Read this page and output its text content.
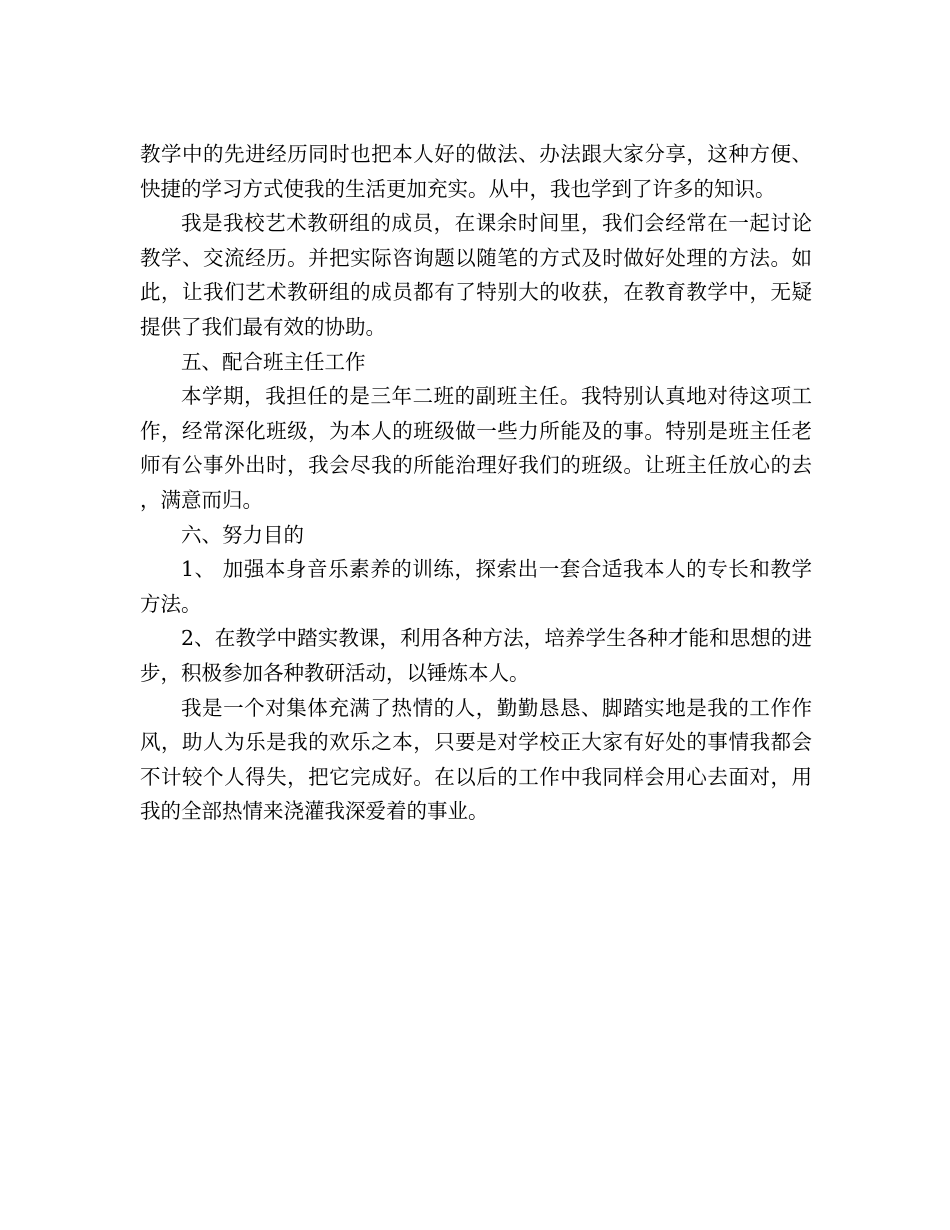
教学中的先进经历同时也把本人好的做法、办法跟大家分享，这种方便、快捷的学习方式使我的生活更加充实。从中，我也学到了许多的知识。

我是我校艺术教研组的成员，在课余时间里，我们会经常在一起讨论教学、交流经历。并把实际咨询题以随笔的方式及时做好处理的方法。如此，让我们艺术教研组的成员都有了特别大的收获，在教育教学中，无疑提供了我们最有效的协助。

五、配合班主任工作

本学期，我担任的是三年二班的副班主任。我特别认真地对待这项工作，经常深化班级，为本人的班级做一些力所能及的事。特别是班主任老师有公事外出时，我会尽我的所能治理好我们的班级。让班主任放心的去，满意而归。

六、努力目的

1、 加强本身音乐素养的训练，探索出一套合适我本人的专长和教学方法。

2、在教学中踏实教课，利用各种方法，培养学生各种才能和思想的进步，积极参加各种教研活动，以锤炼本人。

我是一个对集体充满了热情的人，勤勤恳恳、脚踏实地是我的工作作风，助人为乐是我的欢乐之本，只要是对学校正大家有好处的事情我都会不计较个人得失，把它完成好。在以后的工作中我同样会用心去面对，用我的全部热情来浇灌我深爱着的事业。
